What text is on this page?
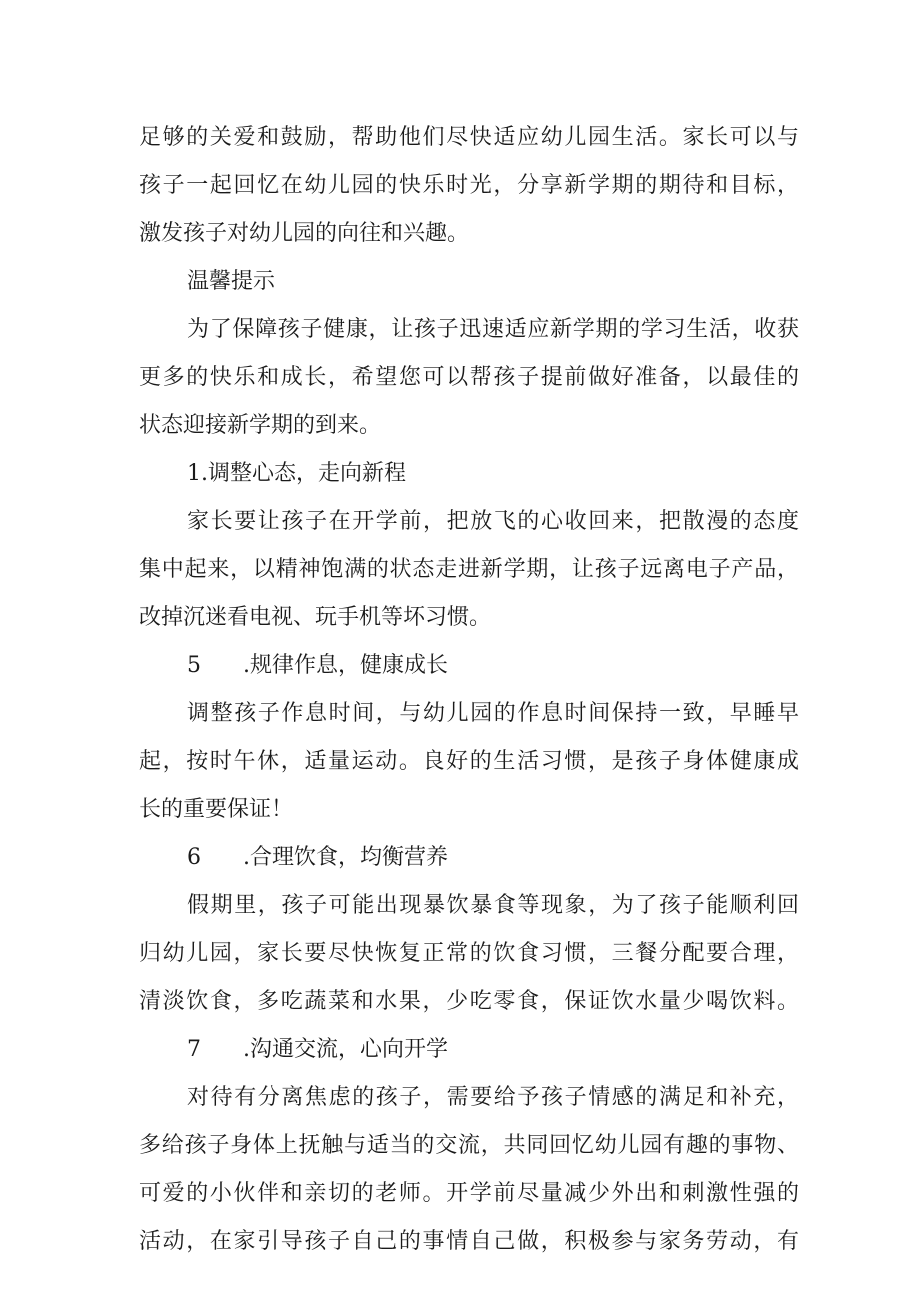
足够的关爱和鼓励，帮助他们尽快适应幼儿园生活。家长可以与
孩子一起回忆在幼儿园的快乐时光，分享新学期的期待和目标，
激发孩子对幼儿园的向往和兴趣。
温馨提示
为了保障孩子健康，让孩子迅速适应新学期的学习生活，收获
更多的快乐和成长，希望您可以帮孩子提前做好准备，以最佳的
状态迎接新学期的到来。
1.调整心态，走向新程
家长要让孩子在开学前，把放飞的心收回来，把散漫的态度
集中起来，以精神饱满的状态走进新学期，让孩子远离电子产品，
改掉沉迷看电视、玩手机等坏习惯。
5 .规律作息，健康成长
调整孩子作息时间，与幼儿园的作息时间保持一致，早睡早
起，按时午休，适量运动。良好的生活习惯，是孩子身体健康成
长的重要保证！
6 .合理饮食，均衡营养
假期里，孩子可能出现暴饮暴食等现象，为了孩子能顺利回
归幼儿园，家长要尽快恢复正常的饮食习惯，三餐分配要合理，
清淡饮食，多吃蔬菜和水果，少吃零食，保证饮水量少喝饮料。
7 .沟通交流，心向开学
对待有分离焦虑的孩子，需要给予孩子情感的满足和补充，
多给孩子身体上抚触与适当的交流，共同回忆幼儿园有趣的事物、
可爱的小伙伴和亲切的老师。开学前尽量减少外出和刺激性强的
活动，在家引导孩子自己的事情自己做，积极参与家务劳动，有
